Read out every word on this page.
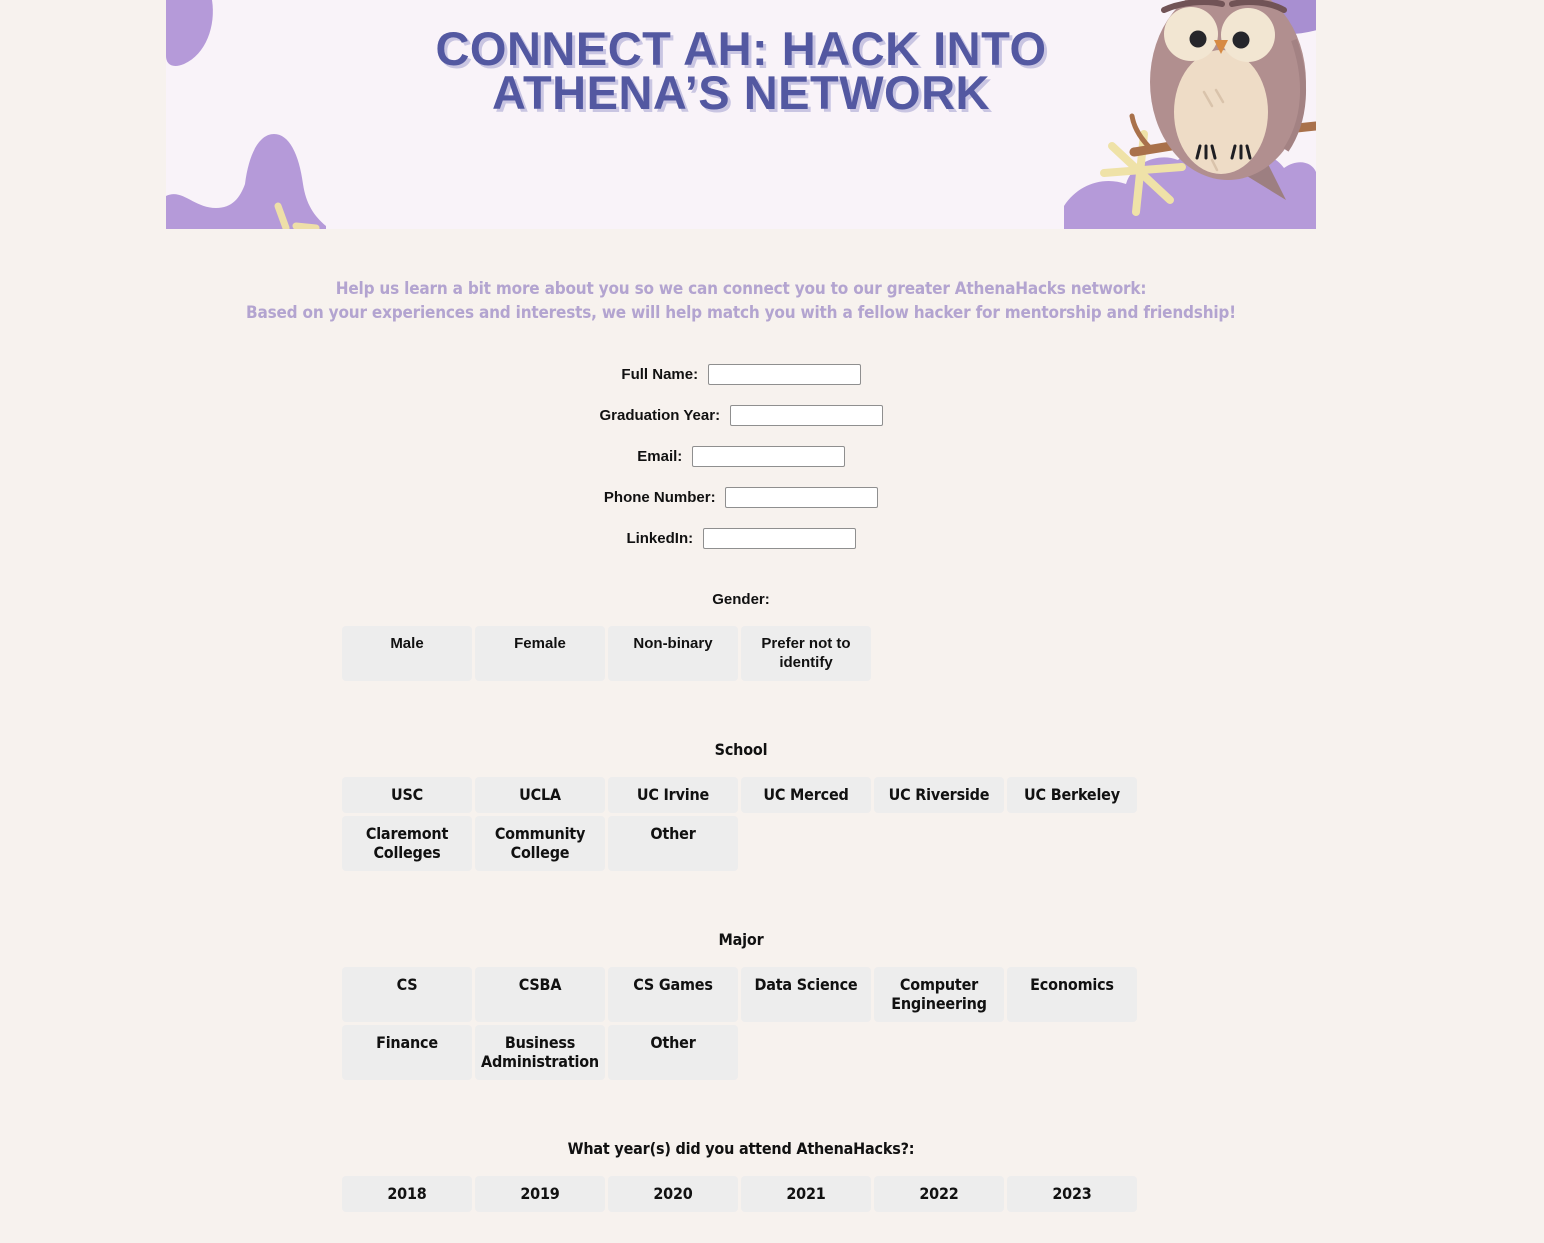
CONNECT AH: HACK INTO
ATHENA’S NETWORK
Help us learn a bit more about you so we can connect you to our greater AthenaHacks network:
Based on your experiences and interests, we will help match you with a fellow hacker for mentorship and friendship!
Full Name:
Graduation Year:
Email:
Phone Number:
LinkedIn:
Gender:
Male	Female	Non-binary	Prefer not to identify
School
USC	UCLA	UC Irvine	UC Merced	UC Riverside	UC Berkeley
Claremont Colleges
Community College
Other
Major
CS	CSBA	CS Games	Data Science	Computer Engineering
Economics
Finance	Business Administration
Other
What year(s) did you attend AthenaHacks?:
2018	2019	2020	2021	2022	2023
